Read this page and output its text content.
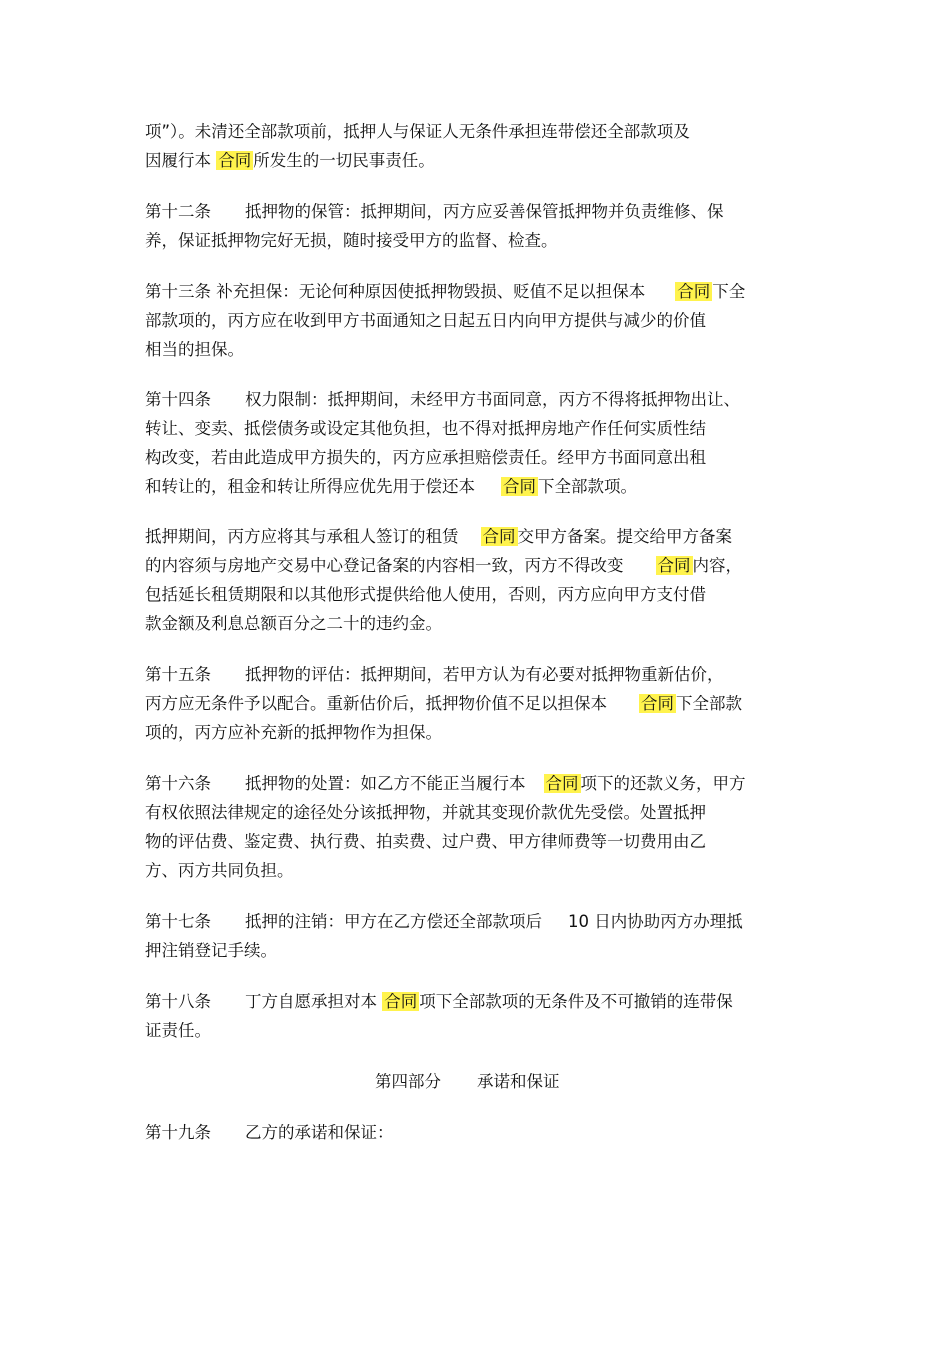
项”）。未清还全部款项前，抵押人与保证人无条件承担连带偿还全部款项及
因履行本 合同 所发生的一切民事责任。
第十二条 抵押物的保管：抵押期间，丙方应妥善保管抵押物并负责维修、保
养，保证抵押物完好无损，随时接受甲方的监督、检查。
第十三条 补充担保：无论何种原因使抵押物毁损、贬值不足以担保本 合同 下全
部款项的，丙方应在收到甲方书面通知之日起五日内向甲方提供与减少的价值
相当的担保。
第十四条 权力限制：抵押期间，未经甲方书面同意，丙方不得将抵押物出让、
转让、变卖、抵偿债务或设定其他负担，也不得对抵押房地产作任何实质性结
构改变，若由此造成甲方损失的，丙方应承担赔偿责任。经甲方书面同意出租
和转让的，租金和转让所得应优先用于偿还本 合同 下全部款项。
抵押期间，丙方应将其与承租人签订的租赁 合同 交甲方备案。提交给甲方备案
的内容须与房地产交易中心登记备案的内容相一致，丙方不得改变 合同 内容，
包括延长租赁期限和以其他形式提供给他人使用，否则，丙方应向甲方支付借
款金额及利息总额百分之二十的违约金。
第十五条 抵押物的评估：抵押期间，若甲方认为有必要对抵押物重新估价，
丙方应无条件予以配合。重新估价后，抵押物价值不足以担保本 合同 下全部款
项的，丙方应补充新的抵押物作为担保。
第十六条 抵押物的处置：如乙方不能正当履行本 合同 项下的还款义务，甲方
有权依照法律规定的途径处分该抵押物，并就其变现价款优先受偿。处置抵押
物的评估费、鉴定费、执行费、拍卖费、过户费、甲方律师费等一切费用由乙
方、丙方共同负担。
第十七条 抵押的注销：甲方在乙方偿还全部款项后 10 日内协助丙方办理抵
押注销登记手续。
第十八条 丁方自愿承担对本 合同 项下全部款项的无条件及不可撤销的连带保
证责任。
第四部分 承诺和保证
第十九条 乙方的承诺和保证：
